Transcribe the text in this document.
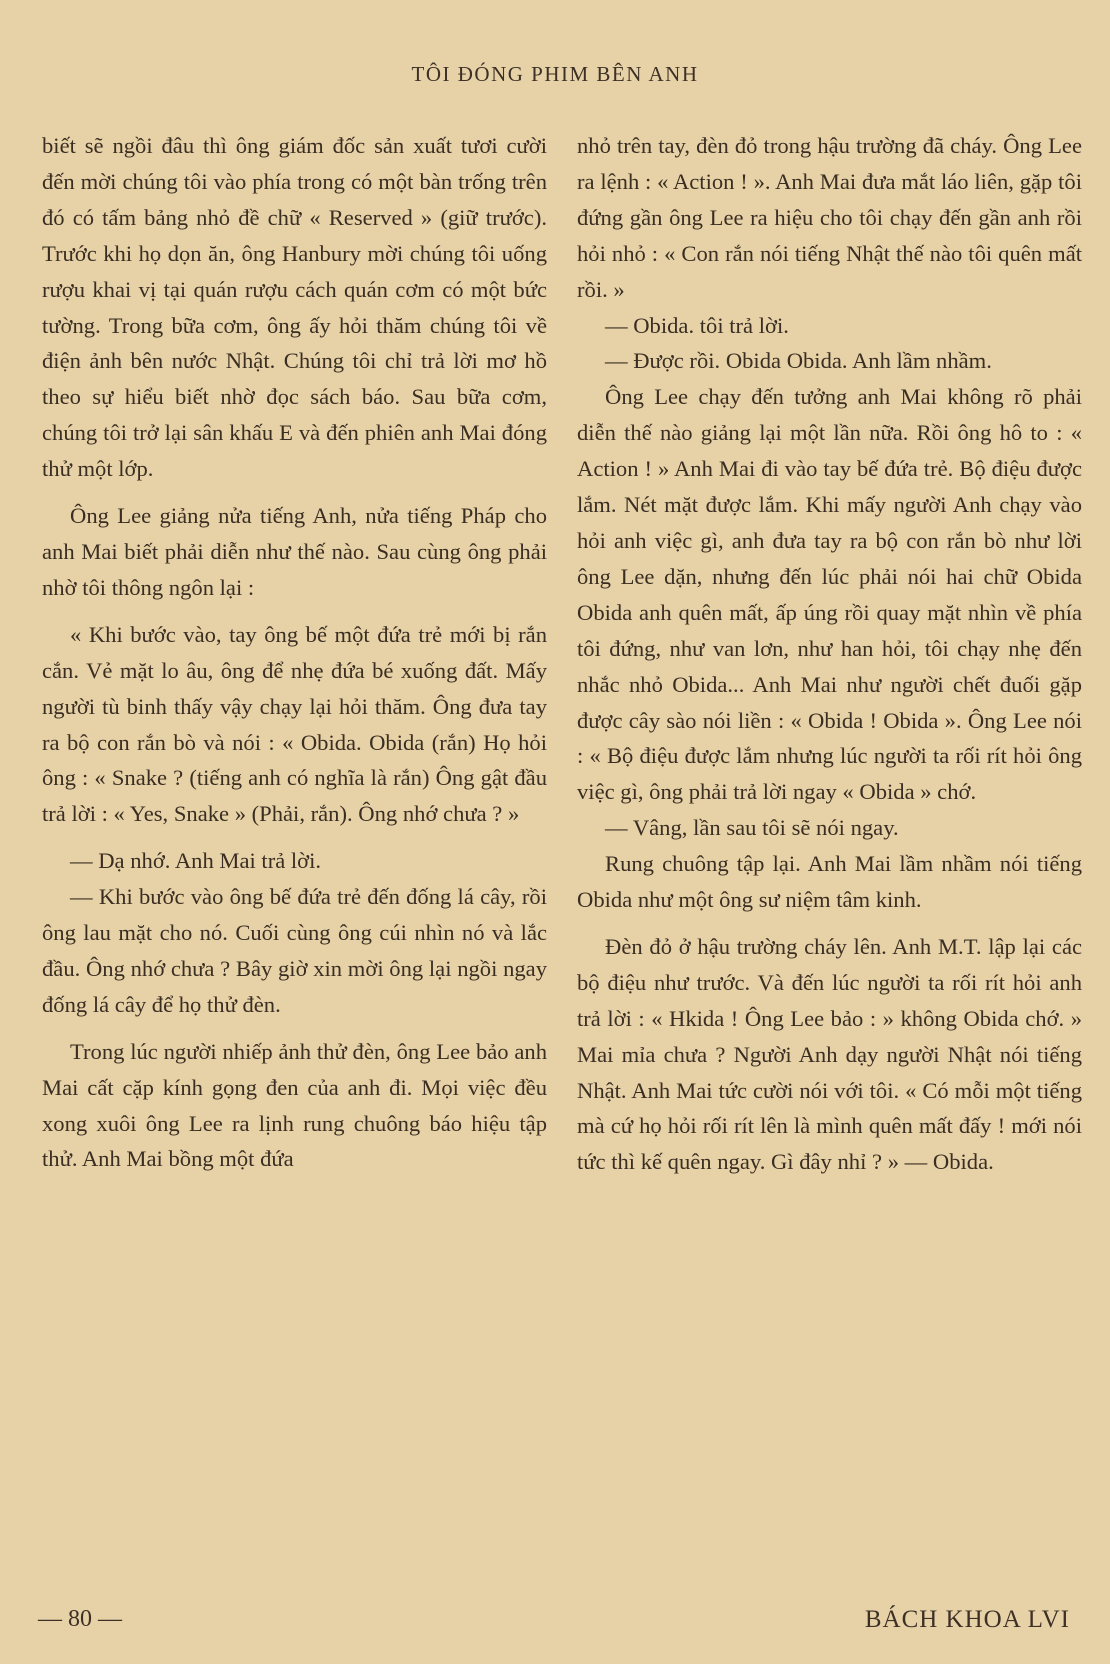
TÔI ĐÓNG PHIM BÊN ANH

biết sẽ ngồi đâu thì ông giám đốc sản xuất tươi cười đến mời chúng tôi vào phía trong có một bàn trống trên đó có tấm bảng nhỏ đề chữ « Reserved » (giữ trước). Trước khi họ dọn ăn, ông Hanbury mời chúng tôi uống rượu khai vị tại quán rượu cách quán cơm có một bức tường. Trong bữa cơm, ông ấy hỏi thăm chúng tôi về điện ảnh bên nước Nhật. Chúng tôi chỉ trả lời mơ hồ theo sự hiểu biết nhờ đọc sách báo. Sau bữa cơm, chúng tôi trở lại sân khấu E và đến phiên anh Mai đóng thử một lớp.

Ông Lee giảng nửa tiếng Anh, nửa tiếng Pháp cho anh Mai biết phải diễn như thế nào. Sau cùng ông phải nhờ tôi thông ngôn lại :

« Khi bước vào, tay ông bế một đứa trẻ mới bị rắn cắn. Vẻ mặt lo âu, ông để nhẹ đứa bé xuống đất. Mấy người tù binh thấy vậy chạy lại hỏi thăm. Ông đưa tay ra bộ con rắn bò và nói : « Obida. Obida (rắn) Họ hỏi ông : « Snake ? (tiếng anh có nghĩa là rắn) Ông gật đầu trả lời : « Yes, Snake » (Phải, rắn). Ông nhớ chưa ? »

— Dạ nhớ. Anh Mai trả lời.

— Khi bước vào ông bế đứa trẻ đến đống lá cây, rồi ông lau mặt cho nó. Cuối cùng ông cúi nhìn nó và lắc đầu. Ông nhớ chưa ? Bây giờ xin mời ông lại ngồi ngay đống lá cây để họ thử đèn.

Trong lúc người nhiếp ảnh thử đèn, ông Lee bảo anh Mai cất cặp kính gọng đen của anh đi. Mọi việc đều xong xuôi ông Lee ra lịnh rung chuông báo hiệu tập thử. Anh Mai bồng một đứa

nhỏ trên tay, đèn đỏ trong hậu trường đã cháy. Ông Lee ra lệnh : « Action ! ». Anh Mai đưa mắt láo liên, gặp tôi đứng gần ông Lee ra hiệu cho tôi chạy đến gần anh rồi hỏi nhỏ : « Con rắn nói tiếng Nhật thế nào tôi quên mất rồi. »

— Obida. tôi trả lời.

— Được rồi. Obida Obida. Anh lầm nhầm.

Ông Lee chạy đến tưởng anh Mai không rõ phải diễn thế nào giảng lại một lần nữa. Rồi ông hô to : « Action ! » Anh Mai đi vào tay bế đứa trẻ. Bộ điệu được lắm. Nét mặt được lắm. Khi mấy người Anh chạy vào hỏi anh việc gì, anh đưa tay ra bộ con rắn bò như lời ông Lee dặn, nhưng đến lúc phải nói hai chữ Obida Obida anh quên mất, ấp úng rồi quay mặt nhìn về phía tôi đứng, như van lơn, như han hỏi, tôi chạy nhẹ đến nhắc nhỏ Obida... Anh Mai như người chết đuối gặp được cây sào nói liền : « Obida ! Obida ». Ông Lee nói : « Bộ điệu được lắm nhưng lúc người ta rối rít hỏi ông việc gì, ông phải trả lời ngay « Obida » chớ.

— Vâng, lần sau tôi sẽ nói ngay.

Rung chuông tập lại. Anh Mai lầm nhầm nói tiếng Obida như một ông sư niệm tâm kinh.

Đèn đỏ ở hậu trường cháy lên. Anh M.T. lập lại các bộ điệu như trước. Và đến lúc người ta rối rít hỏi anh trả lời : « Hkida ! Ông Lee bảo : » không Obida chớ. » Mai mỉa chưa ? Người Anh dạy người Nhật nói tiếng Nhật. Anh Mai tức cười nói với tôi. « Có mỗi một tiếng mà cứ họ hỏi rối rít lên là mình quên mất đấy ! mới nói tức thì kế quên ngay. Gì đây nhỉ ? » — Obida.

— 80 —	BÁCH KHOA LVI
